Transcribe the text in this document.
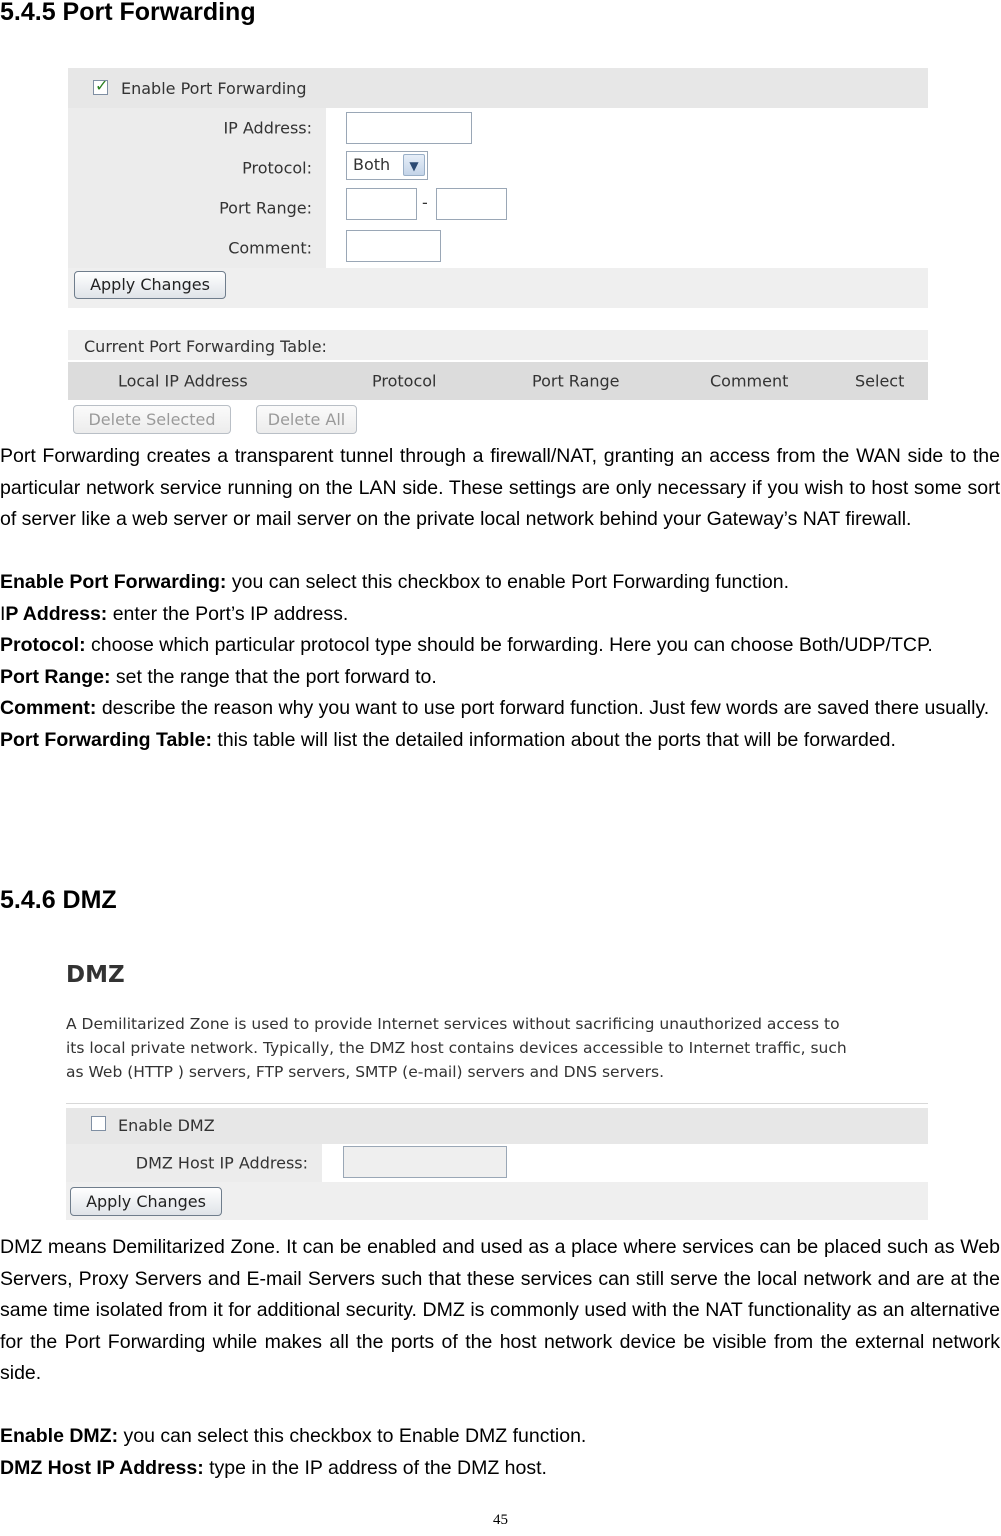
5.4.5 Port Forwarding
✓ Enable Port Forwarding
IP Address:
Protocol:	Both	▼
Port Range:	-
Comment:
Apply Changes
Current Port Forwarding Table:
Local IP Address	Protocol	Port Range	Comment	Select
Delete Selected	Delete All

Port Forwarding creates a transparent tunnel through a firewall/NAT, granting an access from the WAN side to the particular network service running on the LAN side. These settings are only necessary if you wish to host some sort of server like a web server or mail server on the private local network behind your Gateway’s NAT firewall.

Enable Port Forwarding: you can select this checkbox to enable Port Forwarding function.
IP Address: enter the Port’s IP address.
Protocol: choose which particular protocol type should be forwarding. Here you can choose Both/UDP/TCP.
Port Range: set the range that the port forward to.
Comment: describe the reason why you want to use port forward function. Just few words are saved there usually.
Port Forwarding Table: this table will list the detailed information about the ports that will be forwarded.
5.4.6 DMZ
DMZ
A Demilitarized Zone is used to provide Internet services without sacrificing unauthorized access to
its local private network. Typically, the DMZ host contains devices accessible to Internet traffic, such
as Web (HTTP ) servers, FTP servers, SMTP (e-mail) servers and DNS servers.
Enable DMZ
DMZ Host IP Address:
Apply Changes

DMZ means Demilitarized Zone. It can be enabled and used as a place where services can be placed such as Web Servers, Proxy Servers and E-mail Servers such that these services can still serve the local network and are at the same time isolated from it for additional security. DMZ is commonly used with the NAT functionality as an alternative for the Port Forwarding while makes all the ports of the host network device be visible from the external network side.

Enable DMZ: you can select this checkbox to Enable DMZ function.
DMZ Host IP Address: type in the IP address of the DMZ host.
45
